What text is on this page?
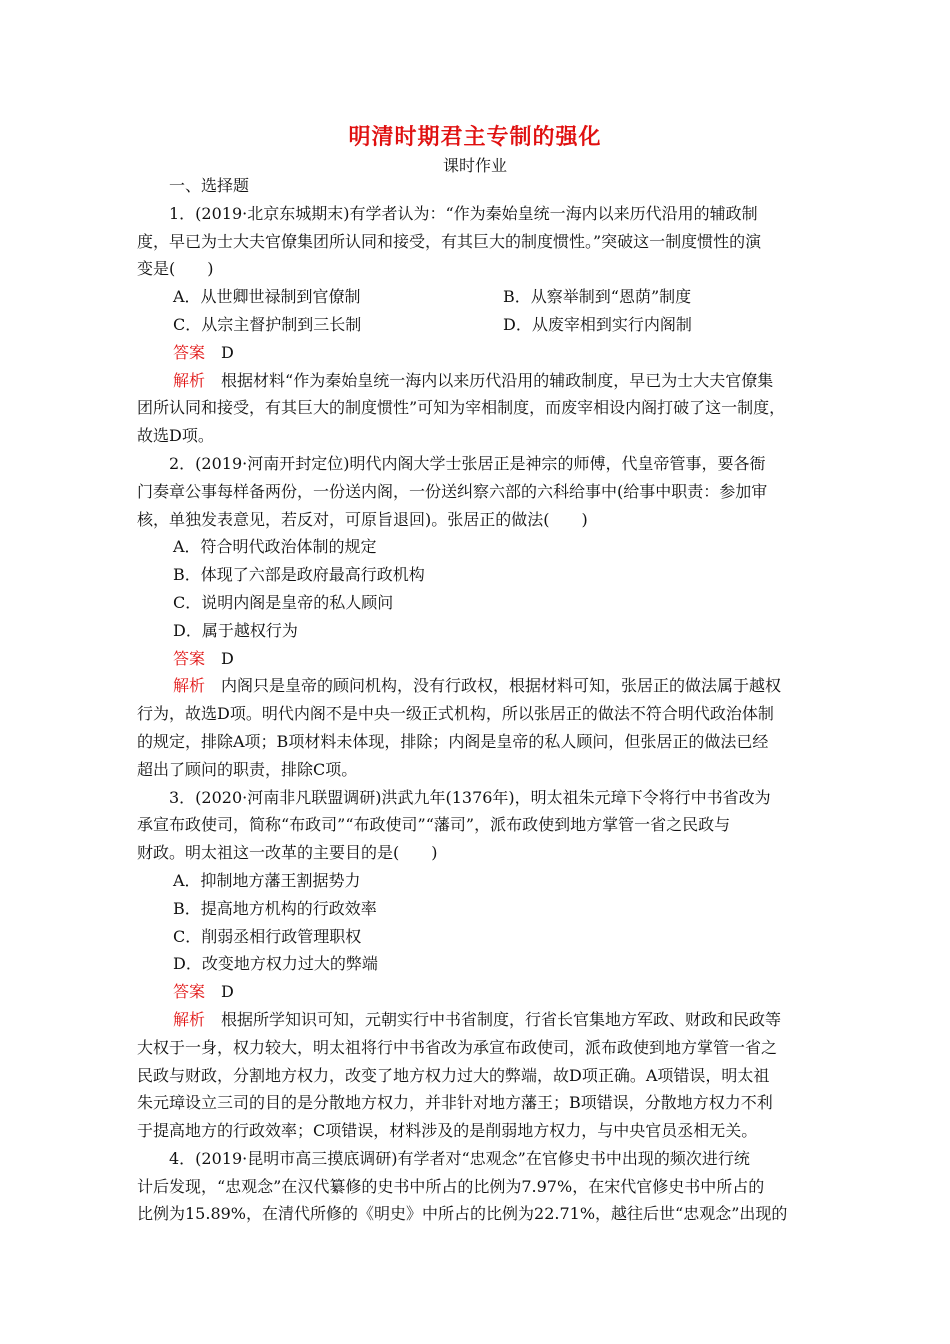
明清时期君主专制的强化
课时作业

一、选择题

1．(2019·北京东城期末)有学者认为：“作为秦始皇统一海内以来历代沿用的辅政制

度，早已为士大夫官僚集团所认同和接受，有其巨大的制度惯性。”突破这一制度惯性的演

变是(　　)

A．从世卿世禄制到官僚制	B．从察举制到“恩荫”制度
C．从宗主督护制到三长制	D．从废宰相到实行内阁制

答案　 D

解析　 根据材料“作为秦始皇统一海内以来历代沿用的辅政制度，早已为士大夫官僚集

团所认同和接受，有其巨大的制度惯性”可知为宰相制度，而废宰相设内阁打破了这一制度，

故选D项。

2．(2019·河南开封定位)明代内阁大学士张居正是神宗的师傅，代皇帝管事，要各衙

门奏章公事每样备两份，一份送内阁，一份送纠察六部的六科给事中(给事中职责：参加审

核，单独发表意见，若反对，可原旨退回)。张居正的做法(　　)

A．符合明代政治体制的规定

B．体现了六部是政府最高行政机构

C．说明内阁是皇帝的私人顾问

D．属于越权行为

答案　 D

解析　 内阁只是皇帝的顾问机构，没有行政权，根据材料可知，张居正的做法属于越权

行为，故选D项。明代内阁不是中央一级正式机构，所以张居正的做法不符合明代政治体制

的规定，排除A项；B项材料未体现，排除；内阁是皇帝的私人顾问，但张居正的做法已经

超出了顾问的职责，排除C项。

3．(2020·河南非凡联盟调研)洪武九年(1376年)，明太祖朱元璋下令将行中书省改为

承宣布政使司，简称“布政司”“布政使司”“藩司”，派布政使到地方掌管一省之民政与

财政。明太祖这一改革的主要目的是(　　)

A．抑制地方藩王割据势力

B．提高地方机构的行政效率

C．削弱丞相行政管理职权

D．改变地方权力过大的弊端

答案　 D

解析　 根据所学知识可知，元朝实行中书省制度，行省长官集地方军政、财政和民政等

大权于一身，权力较大，明太祖将行中书省改为承宣布政使司，派布政使到地方掌管一省之

民政与财政，分割地方权力，改变了地方权力过大的弊端，故D项正确。A项错误，明太祖

朱元璋设立三司的目的是分散地方权力，并非针对地方藩王；B项错误，分散地方权力不利

于提高地方的行政效率；C项错误，材料涉及的是削弱地方权力，与中央官员丞相无关。

4．(2019·昆明市高三摸底调研)有学者对“忠观念”在官修史书中出现的频次进行统

计后发现，“忠观念”在汉代纂修的史书中所占的比例为7.97%，在宋代官修史书中所占的

比例为15.89%，在清代所修的《明史》中所占的比例为22.71%，越往后世“忠观念”出现的
